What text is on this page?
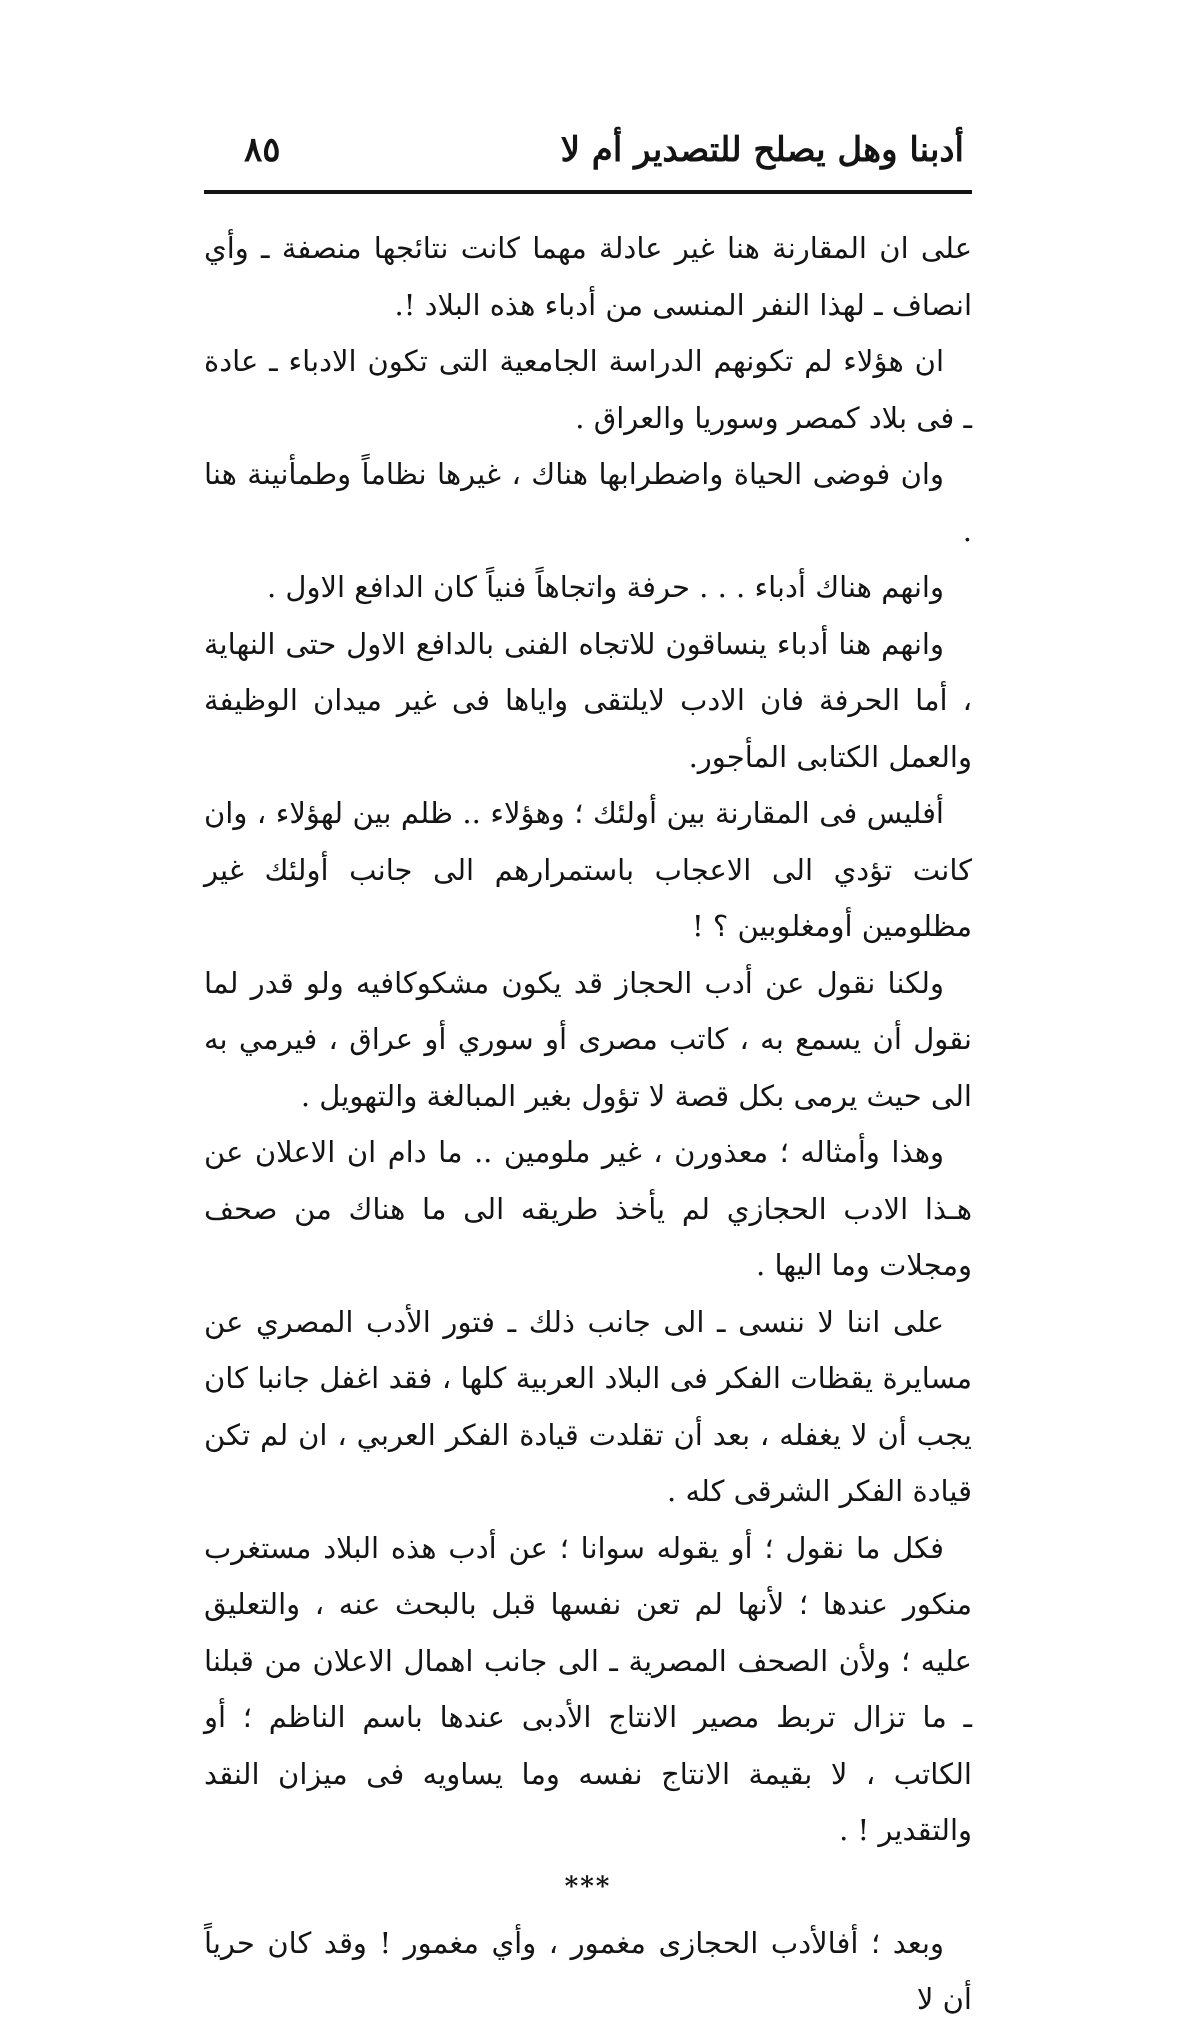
٨٥	أدبنا وهل يصلح للتصدير أم لا

على ان المقارنة هنا غير عادلة مهما كانت نتائجها منصفة ـ وأي انصاف ـ لهذا النفر المنسى من أدباء هذه البلاد !.

ان هؤلاء لم تكونهم الدراسة الجامعية التى تكون الادباء ـ عادة ـ فى بلاد كمصر وسوريا والعراق .

وان فوضى الحياة واضطرابها هناك ، غيرها نظاماً وطمأنينة هنا .

وانهم هناك أدباء . . . حرفة واتجاهاً فنياً كان الدافع الاول .

وانهم هنا أدباء ينساقون للاتجاه الفنى بالدافع الاول حتى النهاية ، أما الحرفة فان الادب لايلتقى واياها فى غير ميدان الوظيفة والعمل الكتابى المأجور.

أفليس فى المقارنة بين أولئك ؛ وهؤلاء .. ظلم بين لهؤلاء ، وان كانت تؤدي الى الاعجاب باستمرارهم الى جانب أولئك غير مظلومين أومغلوبين ؟ !

ولكنا نقول عن أدب الحجاز قد يكون مشكوكافيه ولو قدر لما نقول أن يسمع به ، كاتب مصرى أو سوري أو عراق ، فيرمي به الى حيث يرمى بكل قصة لا تؤول بغير المبالغة والتهويل .

وهذا وأمثاله ؛ معذورن ، غير ملومين .. ما دام ان الاعلان عن هـذا الادب الحجازي لم يأخذ طريقه الى ما هناك من صحف ومجلات وما اليها .

على اننا لا ننسى ـ الى جانب ذلك ـ فتور الأدب المصري عن مسايرة يقظات الفكر فى البلاد العربية كلها ، فقد اغفل جانبا كان يجب أن لا يغفله ، بعد أن تقلدت قيادة الفكر العربي ، ان لم تكن قيادة الفكر الشرقى كله .

فكل ما نقول ؛ أو يقوله سوانا ؛ عن أدب هذه البلاد مستغرب منكور عندها ؛ لأنها لم تعن نفسها قبل بالبحث عنه ، والتعليق عليه ؛ ولأن الصحف المصرية ـ الى جانب اهمال الاعلان من قبلنا ـ ما تزال تربط مصير الانتاج الأدبى عندها باسم الناظم ؛ أو الكاتب ، لا بقيمة الانتاج نفسه وما يساويه فى ميزان النقد والتقدير ! .

***

وبعد ؛ أفالأدب الحجازى مغمور ، وأي مغمور ! وقد كان حرياً أن لا
